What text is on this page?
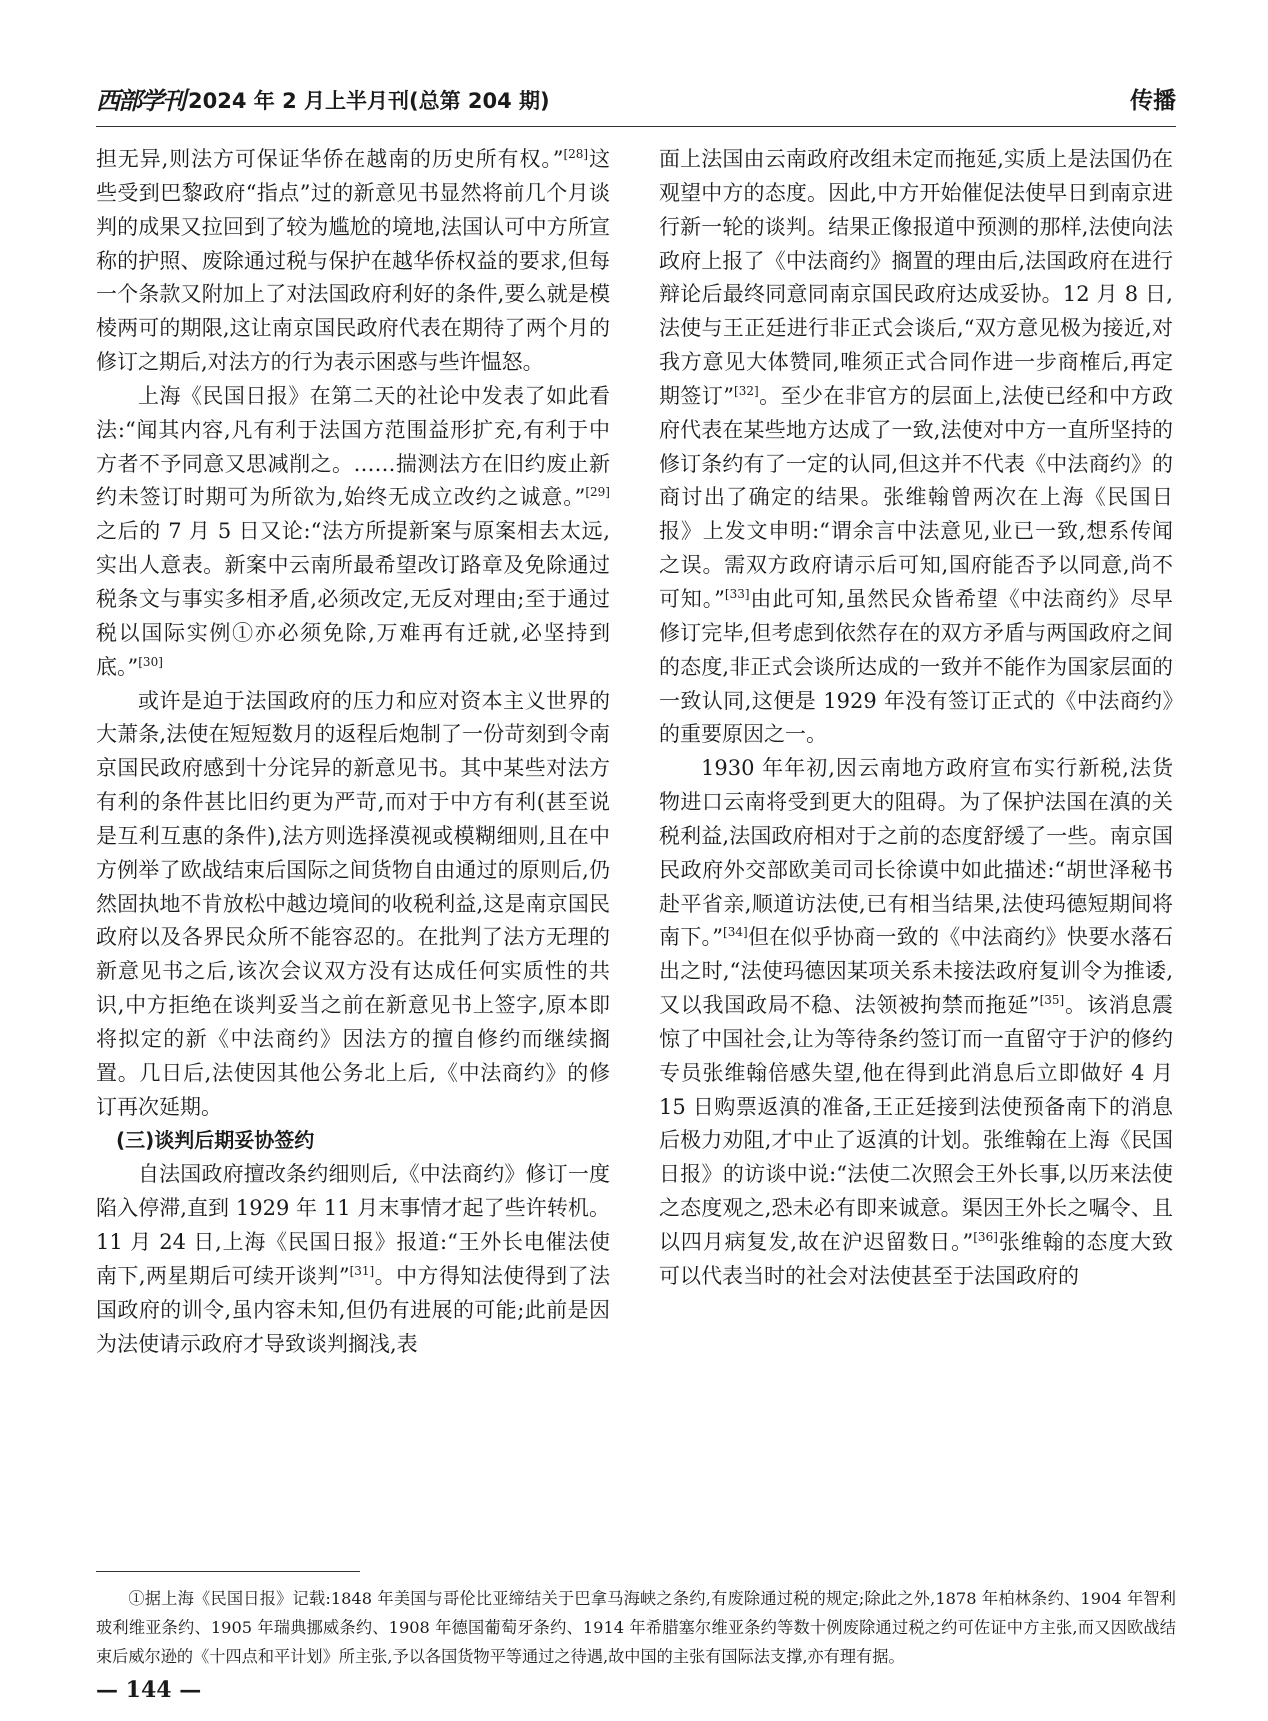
西部学刊 2024 年 2 月上半月刊(总第 204 期)	传播

担无异,则法方可保证华侨在越南的历史所有权。”[28]这些受到巴黎政府“指点”过的新意见书显然将前几个月谈判的成果又拉回到了较为尴尬的境地,法国认可中方所宣称的护照、废除通过税与保护在越华侨权益的要求,但每一个条款又附加上了对法国政府利好的条件,要么就是模棱两可的期限,这让南京国民政府代表在期待了两个月的修订之期后,对法方的行为表示困惑与些许愠怒。

上海《民国日报》在第二天的社论中发表了如此看法:“闻其内容,凡有利于法国方范围益形扩充,有利于中方者不予同意又思减削之。……揣测法方在旧约废止新约未签订时期可为所欲为,始终无成立改约之诚意。”[29]之后的 7 月 5 日又论:“法方所提新案与原案相去太远,实出人意表。新案中云南所最希望改订路章及免除通过税条文与事实多相矛盾,必须改定,无反对理由;至于通过税以国际实例①亦必须免除,万难再有迁就,必坚持到底。”[30]

或许是迫于法国政府的压力和应对资本主义世界的大萧条,法使在短短数月的返程后炮制了一份苛刻到令南京国民政府感到十分诧异的新意见书。其中某些对法方有利的条件甚比旧约更为严苛,而对于中方有利(甚至说是互利互惠的条件),法方则选择漠视或模糊细则,且在中方例举了欧战结束后国际之间货物自由通过的原则后,仍然固执地不肯放松中越边境间的收税利益,这是南京国民政府以及各界民众所不能容忍的。在批判了法方无理的新意见书之后,该次会议双方没有达成任何实质性的共识,中方拒绝在谈判妥当之前在新意见书上签字,原本即将拟定的新《中法商约》因法方的擅自修约而继续搁置。几日后,法使因其他公务北上后,《中法商约》的修订再次延期。

(三)谈判后期妥协签约

自法国政府擅改条约细则后,《中法商约》修订一度陷入停滞,直到 1929 年 11 月末事情才起了些许转机。11 月 24 日,上海《民国日报》报道:“王外长电催法使南下,两星期后可续开谈判”[31]。中方得知法使得到了法国政府的训令,虽内容未知,但仍有进展的可能;此前是因为法使请示政府才导致谈判搁浅,表

面上法国由云南政府改组未定而拖延,实质上是法国仍在观望中方的态度。因此,中方开始催促法使早日到南京进行新一轮的谈判。结果正像报道中预测的那样,法使向法政府上报了《中法商约》搁置的理由后,法国政府在进行辩论后最终同意同南京国民政府达成妥协。12 月 8 日,法使与王正廷进行非正式会谈后,“双方意见极为接近,对我方意见大体赞同,唯须正式合同作进一步商榷后,再定期签订”[32]。至少在非官方的层面上,法使已经和中方政府代表在某些地方达成了一致,法使对中方一直所坚持的修订条约有了一定的认同,但这并不代表《中法商约》的商讨出了确定的结果。张维翰曾两次在上海《民国日报》上发文申明:“谓余言中法意见,业已一致,想系传闻之误。需双方政府请示后可知,国府能否予以同意,尚不可知。”[33]由此可知,虽然民众皆希望《中法商约》尽早修订完毕,但考虑到依然存在的双方矛盾与两国政府之间的态度,非正式会谈所达成的一致并不能作为国家层面的一致认同,这便是 1929 年没有签订正式的《中法商约》的重要原因之一。

1930 年年初,因云南地方政府宣布实行新税,法货物进口云南将受到更大的阻碍。为了保护法国在滇的关税利益,法国政府相对于之前的态度舒缓了一些。南京国民政府外交部欧美司司长徐谟中如此描述:“胡世泽秘书赴平省亲,顺道访法使,已有相当结果,法使玛德短期间将南下。”[34]但在似乎协商一致的《中法商约》快要水落石出之时,“法使玛德因某项关系未接法政府复训令为推诿,又以我国政局不稳、法领被拘禁而拖延”[35]。该消息震惊了中国社会,让为等待条约签订而一直留守于沪的修约专员张维翰倍感失望,他在得到此消息后立即做好 4 月 15 日购票返滇的准备,王正廷接到法使预备南下的消息后极力劝阻,才中止了返滇的计划。张维翰在上海《民国日报》的访谈中说:“法使二次照会王外长事,以历来法使之态度观之,恐未必有即来诚意。渠因王外长之嘱令、且以四月病复发,故在沪迟留数日。”[36]张维翰的态度大致可以代表当时的社会对法使甚至于法国政府的

①据上海《民国日报》记载:1848 年美国与哥伦比亚缔结关于巴拿马海峡之条约,有废除通过税的规定;除此之外,1878 年柏林条约、1904 年智利玻利维亚条约、1905 年瑞典挪威条约、1908 年德国葡萄牙条约、1914 年希腊塞尔维亚条约等数十例废除通过税之约可佐证中方主张,而又因欧战结束后威尔逊的《十四点和平计划》所主张,予以各国货物平等通过之待遇,故中国的主张有国际法支撑,亦有理有据。

— 144 —
